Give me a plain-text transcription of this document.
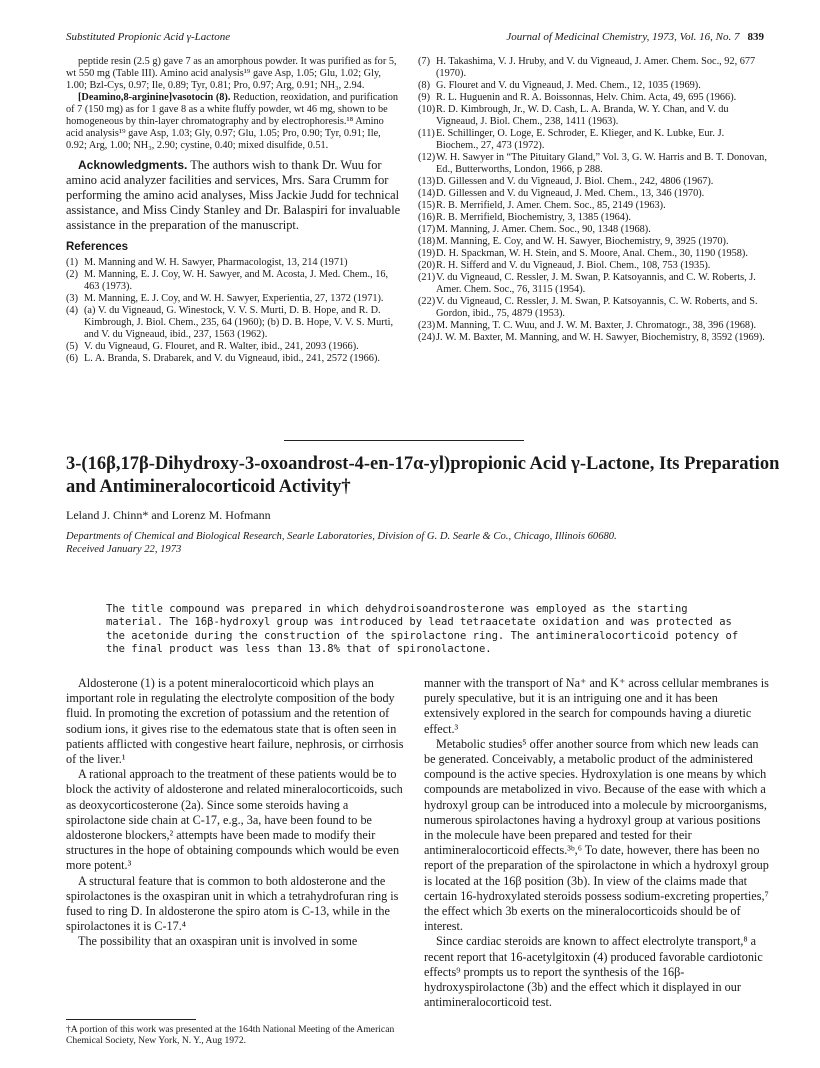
Substituted Propionic Acid γ-Lactone	Journal of Medicinal Chemistry, 1973, Vol. 16, No. 7 839

peptide resin (2.5 g) gave 7 as an amorphous powder. It was purified as for 5, wt 550 mg (Table III). Amino acid analysis¹⁹ gave Asp, 1.05; Glu, 1.02; Gly, 1.00; Bzl-Cys, 0.97; Ile, 0.89; Tyr, 0.81; Pro, 0.97; Arg, 0.91; NH₃, 2.94.

[Deamino,8-arginine]vasotocin (8). Reduction, reoxidation, and purification of 7 (150 mg) as for 1 gave 8 as a white fluffy powder, wt 46 mg, shown to be homogeneous by thin-layer chromatography and by electrophoresis.¹⁸ Amino acid analysis¹⁹ gave Asp, 1.03; Gly, 0.97; Glu, 1.05; Pro, 0.90; Tyr, 0.91; Ile, 0.92; Arg, 1.00; NH₃, 2.90; cystine, 0.40; mixed disulfide, 0.51.

Acknowledgments. The authors wish to thank Dr. Wuu for amino acid analyzer facilities and services, Mrs. Sara Crumm for performing the amino acid analyses, Miss Jackie Judd for technical assistance, and Miss Cindy Stanley and Dr. Balaspiri for invaluable assistance in the preparation of the manuscript.

References

(1) M. Manning and W. H. Sawyer, Pharmacologist, 13, 214 (1971)
(2) M. Manning, E. J. Coy, W. H. Sawyer, and M. Acosta, J. Med. Chem., 16, 463 (1973).
(3) M. Manning, E. J. Coy, and W. H. Sawyer, Experientia, 27, 1372 (1971).
(4) (a) V. du Vigneaud, G. Winestock, V. V. S. Murti, D. B. Hope, and R. D. Kimbrough, J. Biol. Chem., 235, 64 (1960); (b) D. B. Hope, V. V. S. Murti, and V. du Vigneaud, ibid., 237, 1563 (1962).
(5) V. du Vigneaud, G. Flouret, and R. Walter, ibid., 241, 2093 (1966).
(6) L. A. Branda, S. Drabarek, and V. du Vigneaud, ibid., 241, 2572 (1966).
(7) H. Takashima, V. J. Hruby, and V. du Vigneaud, J. Amer. Chem. Soc., 92, 677 (1970).
(8) G. Flouret and V. du Vigneaud, J. Med. Chem., 12, 1035 (1969).
(9) R. L. Huguenin and R. A. Boissonnas, Helv. Chim. Acta, 49, 695 (1966).
(10) R. D. Kimbrough, Jr., W. D. Cash, L. A. Branda, W. Y. Chan, and V. du Vigneaud, J. Biol. Chem., 238, 1411 (1963).
(11) E. Schillinger, O. Loge, E. Schroder, E. Klieger, and K. Lubke, Eur. J. Biochem., 27, 473 (1972).
(12) W. H. Sawyer in “The Pituitary Gland,” Vol. 3, G. W. Harris and B. T. Donovan, Ed., Butterworths, London, 1966, p 288.
(13) D. Gillessen and V. du Vigneaud, J. Biol. Chem., 242, 4806 (1967).
(14) D. Gillessen and V. du Vigneaud, J. Med. Chem., 13, 346 (1970).
(15) R. B. Merrifield, J. Amer. Chem. Soc., 85, 2149 (1963).
(16) R. B. Merrifield, Biochemistry, 3, 1385 (1964).
(17) M. Manning, J. Amer. Chem. Soc., 90, 1348 (1968).
(18) M. Manning, E. Coy, and W. H. Sawyer, Biochemistry, 9, 3925 (1970).
(19) D. H. Spackman, W. H. Stein, and S. Moore, Anal. Chem., 30, 1190 (1958).
(20) R. H. Sifferd and V. du Vigneaud, J. Biol. Chem., 108, 753 (1935).
(21) V. du Vigneaud, C. Ressler, J. M. Swan, P. Katsoyannis, and C. W. Roberts, J. Amer. Chem. Soc., 76, 3115 (1954).
(22) V. du Vigneaud, C. Ressler, J. M. Swan, P. Katsoyannis, C. W. Roberts, and S. Gordon, ibid., 75, 4879 (1953).
(23) M. Manning, T. C. Wuu, and J. W. M. Baxter, J. Chromatogr., 38, 396 (1968).
(24) J. W. M. Baxter, M. Manning, and W. H. Sawyer, Biochemistry, 8, 3592 (1969).
3-(16β,17β-Dihydroxy-3-oxoandrost-4-en-17α-yl)propionic Acid γ-Lactone, Its Preparation and Antimineralocorticoid Activity†
Leland J. Chinn* and Lorenz M. Hofmann
Departments of Chemical and Biological Research, Searle Laboratories, Division of G. D. Searle & Co., Chicago, Illinois 60680.
Received January 22, 1973
The title compound was prepared in which dehydroisoandrosterone was employed as the starting material. The 16β-hydroxyl group was introduced by lead tetraacetate oxidation and was protected as the acetonide during the construction of the spirolactone ring. The antimineralocorticoid potency of the final product was less than 13.8% that of spironolactone.

Aldosterone (1) is a potent mineralocorticoid which plays an important role in regulating the electrolyte composition of the body fluid. In promoting the excretion of potassium and the retention of sodium ions, it gives rise to the edematous state that is often seen in patients afflicted with congestive heart failure, nephrosis, or cirrhosis of the liver.¹

A rational approach to the treatment of these patients would be to block the activity of aldosterone and related mineralocorticoids, such as deoxycorticosterone (2a). Since some steroids having a spirolactone side chain at C-17, e.g., 3a, have been found to be aldosterone blockers,² attempts have been made to modify their structures in the hope of obtaining compounds which would be even more potent.³

A structural feature that is common to both aldosterone and the spirolactones is the oxaspiran unit in which a tetrahydrofuran ring is fused to ring D. In aldosterone the spiro atom is C-13, while in the spirolactones it is C-17.⁴

The possibility that an oxaspiran unit is involved in some

manner with the transport of Na⁺ and K⁺ across cellular membranes is purely speculative, but it is an intriguing one and it has been extensively explored in the search for compounds having a diuretic effect.³

Metabolic studies⁵ offer another source from which new leads can be generated. Conceivably, a metabolic product of the administered compound is the active species. Hydroxylation is one means by which compounds are metabolized in vivo. Because of the ease with which a hydroxyl group can be introduced into a molecule by microorganisms, numerous spirolactones having a hydroxyl group at various positions in the molecule have been prepared and tested for their antimineralocorticoid effects.³ᵇ,⁶ To date, however, there has been no report of the preparation of the spirolactone in which a hydroxyl group is located at the 16β position (3b). In view of the claims made that certain 16-hydroxylated steroids possess sodium-excreting properties,⁷ the effect which 3b exerts on the mineralocorticoids should be of interest.

Since cardiac steroids are known to affect electrolyte transport,⁸ a recent report that 16-acetylgitoxin (4) produced favorable cardiotonic effects⁹ prompts us to report the synthesis of the 16β-hydroxyspirolactone (3b) and the effect which it displayed in our antimineralocorticoid test.

†A portion of this work was presented at the 164th National Meeting of the American Chemical Society, New York, N. Y., Aug 1972.
